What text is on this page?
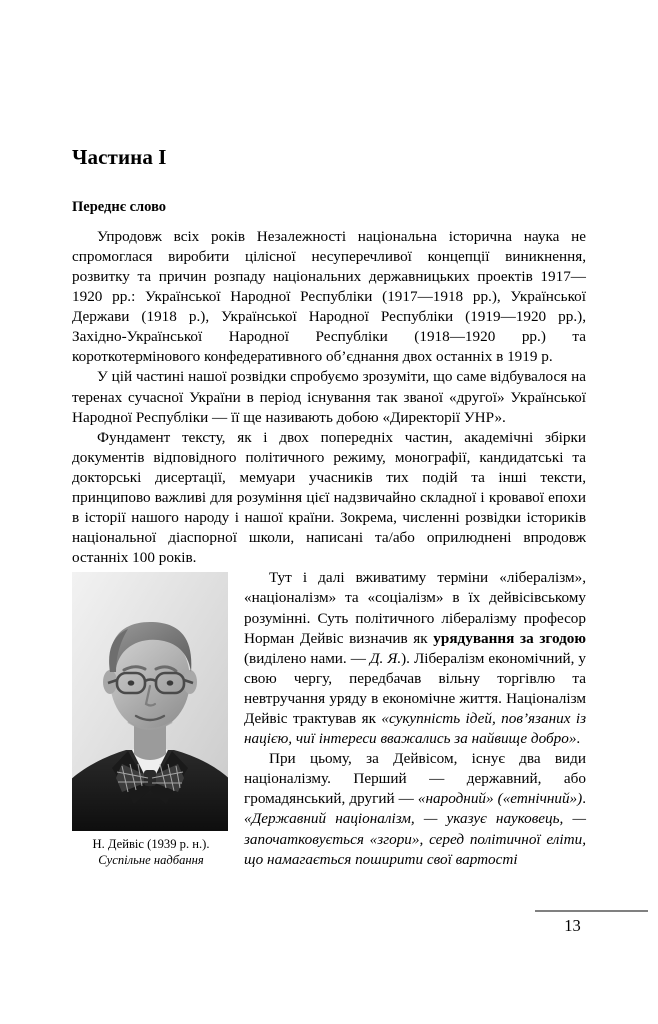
Частина I
Переднє слово

Упродовж всіх років Незалежності національна історична наука не спромоглася виробити цілісної несуперечливої концепції виникнення, розвитку та причин розпаду національних державницьких проектів 1917—1920 рр.: Української Народної Республіки (1917—1918 рр.), Української Держави (1918 р.), Української Народної Республіки (1919—1920 рр.), Західно-Української Народної Республіки (1918—1920 рр.) та короткотермінового конфедеративного об’єднання двох останніх в 1919 р.

У цій частині нашої розвідки спробуємо зрозуміти, що саме відбувалося на теренах сучасної України в період існування так званої «другої» Української Народної Республіки — її ще називають добою «Директорії УНР».

Фундамент тексту, як і двох попередніх частин, академічні збірки документів відповідного політичного режиму, монографії, кандидатські та докторські дисертації, мемуари учасників тих подій та інші тексти, принципово важливі для розуміння цієї надзвичайно складної і кровавої епохи в історії нашого народу і нашої країни. Зокрема, численні розвідки істориків національної діаспорної школи, написані та/або оприлюднені впродовж останніх 100 років.

Н. Дейвіс (1939 р. н.).
Суспільне надбання

Тут і далі вживатиму терміни «лібералізм», «націоналізм» та «соціалізм» в їх дейвісівському розумінні. Суть політичного лібералізму професор Норман Дейвіс визначив як урядування за згодою (виділено нами. — Д. Я.). Лібералізм економічний, у свою чергу, передбачав вільну торгівлю та невтручання уряду в економічне життя. Націоналізм Дейвіс трактував як «сукупність ідей, пов’язаних із нацією, чиї інтереси вважались за найвище добро».

При цьому, за Дейвісом, існує два види націоналізму. Перший — державний, або громадянський, другий — «народний» («етнічний»). «Державний націоналізм, — указує науковець, — започатковується «згори», серед політичної еліти, що намагається поширити свої вартості

13
